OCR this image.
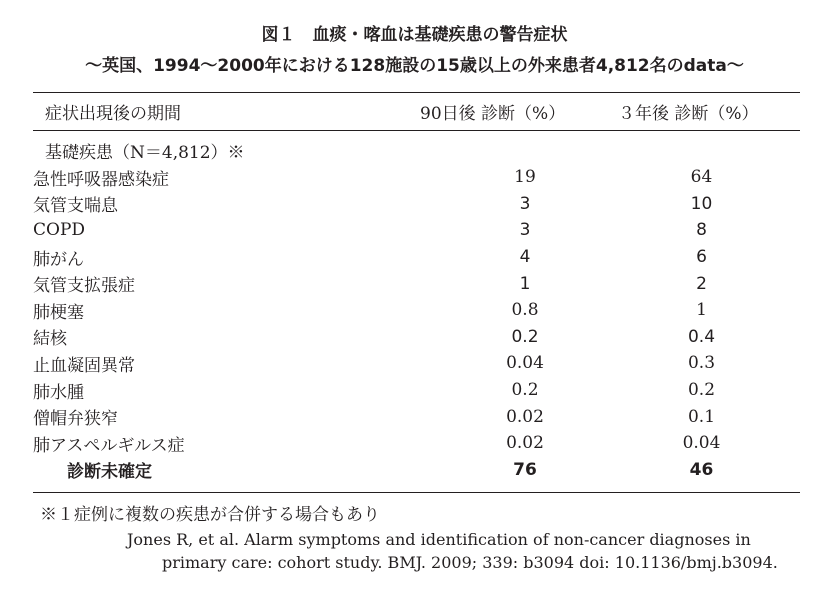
図１　血痰・喀血は基礎疾患の警告症状
〜英国、1994〜2000年における128施設の15歳以上の外来患者4,812名のdata〜
症状出現後の期間	90日後 診断（%）	３年後 診断（%）
基礎疾患（N＝4,812）※
急性呼吸器感染症	19	64
気管支喘息	3	10
COPD	3	8
肺がん	4	6
気管支拡張症	1	2
肺梗塞	0.8	1
結核	0.2	0.4
止血凝固異常	0.04	0.3
肺水腫	0.2	0.2
僧帽弁狭窄	0.02	0.1
肺アスペルギルス症	0.02	0.04
診断未確定	76	46
※１症例に複数の疾患が合併する場合もあり
Jones R, et al. Alarm symptoms and identification of non-cancer diagnoses in
primary care: cohort study. BMJ. 2009; 339: b3094 doi: 10.1136/bmj.b3094.
